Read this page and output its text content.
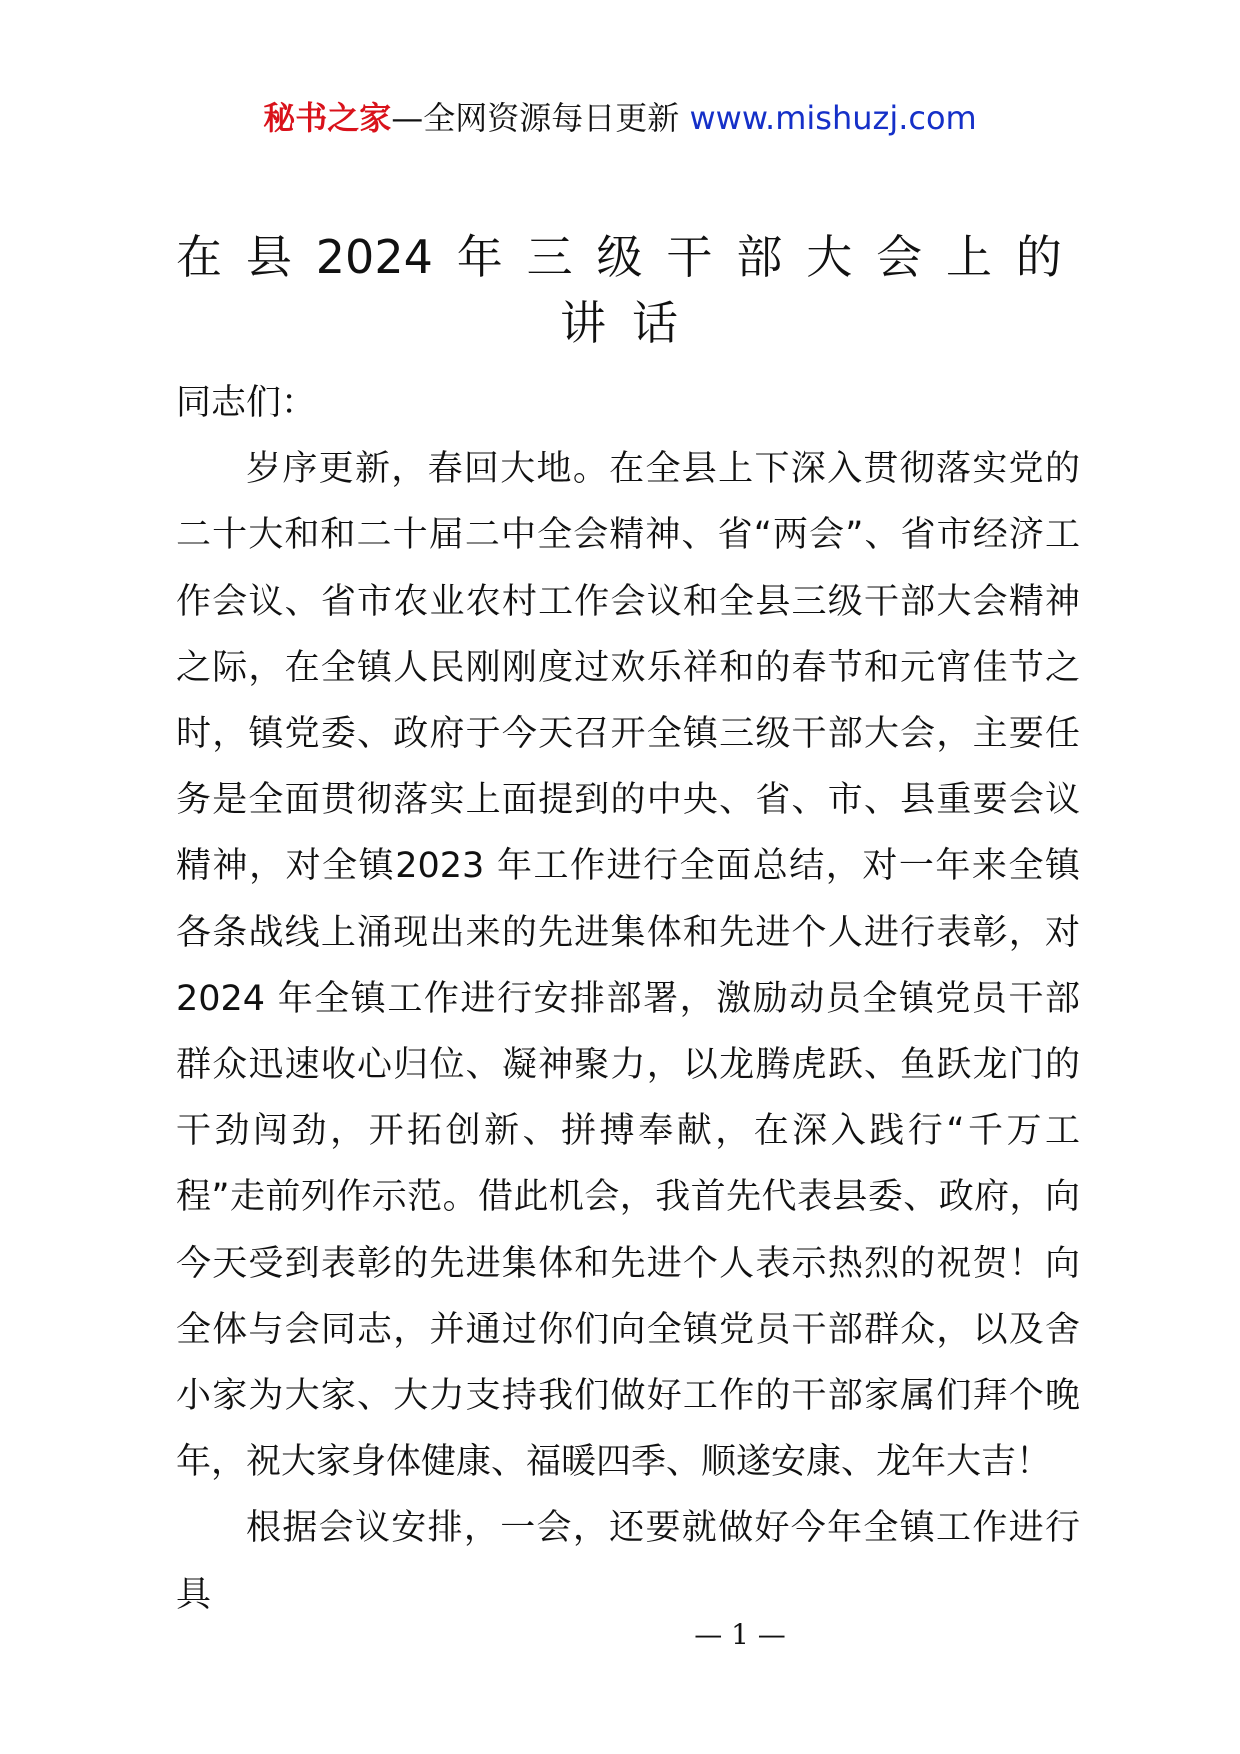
秘书之家—全网资源每日更新 www.mishuzj.com
在 县 2024 年 三 级 干 部 大 会 上 的
讲话

同志们：

岁序更新，春回大地。在全县上下深入贯彻落实党的二十大和和二十届二中全会精神、省“两会”、省市经济工作会议、省市农业农村工作会议和全县三级干部大会精神之际，在全镇人民刚刚度过欢乐祥和的春节和元宵佳节之时，镇党委、政府于今天召开全镇三级干部大会，主要任务是全面贯彻落实上面提到的中央、省、市、县重要会议精神，对全镇2023 年工作进行全面总结，对一年来全镇各条战线上涌现出来的先进集体和先进个人进行表彰，对2024 年全镇工作进行安排部署，激励动员全镇党员干部群众迅速收心归位、凝神聚力，以龙腾虎跃、鱼跃龙门的干劲闯劲，开拓创新、拼搏奉献，在深入践行“千万工程”走前列作示范。借此机会，我首先代表县委、政府，向今天受到表彰的先进集体和先进个人表示热烈的祝贺！向全体与会同志，并通过你们向全镇党员干部群众，以及舍小家为大家、大力支持我们做好工作的干部家属们拜个晚年，祝大家身体健康、福暖四季、顺遂安康、龙年大吉！

根据会议安排，一会，还要就做好今年全镇工作进行具

— 1 —
